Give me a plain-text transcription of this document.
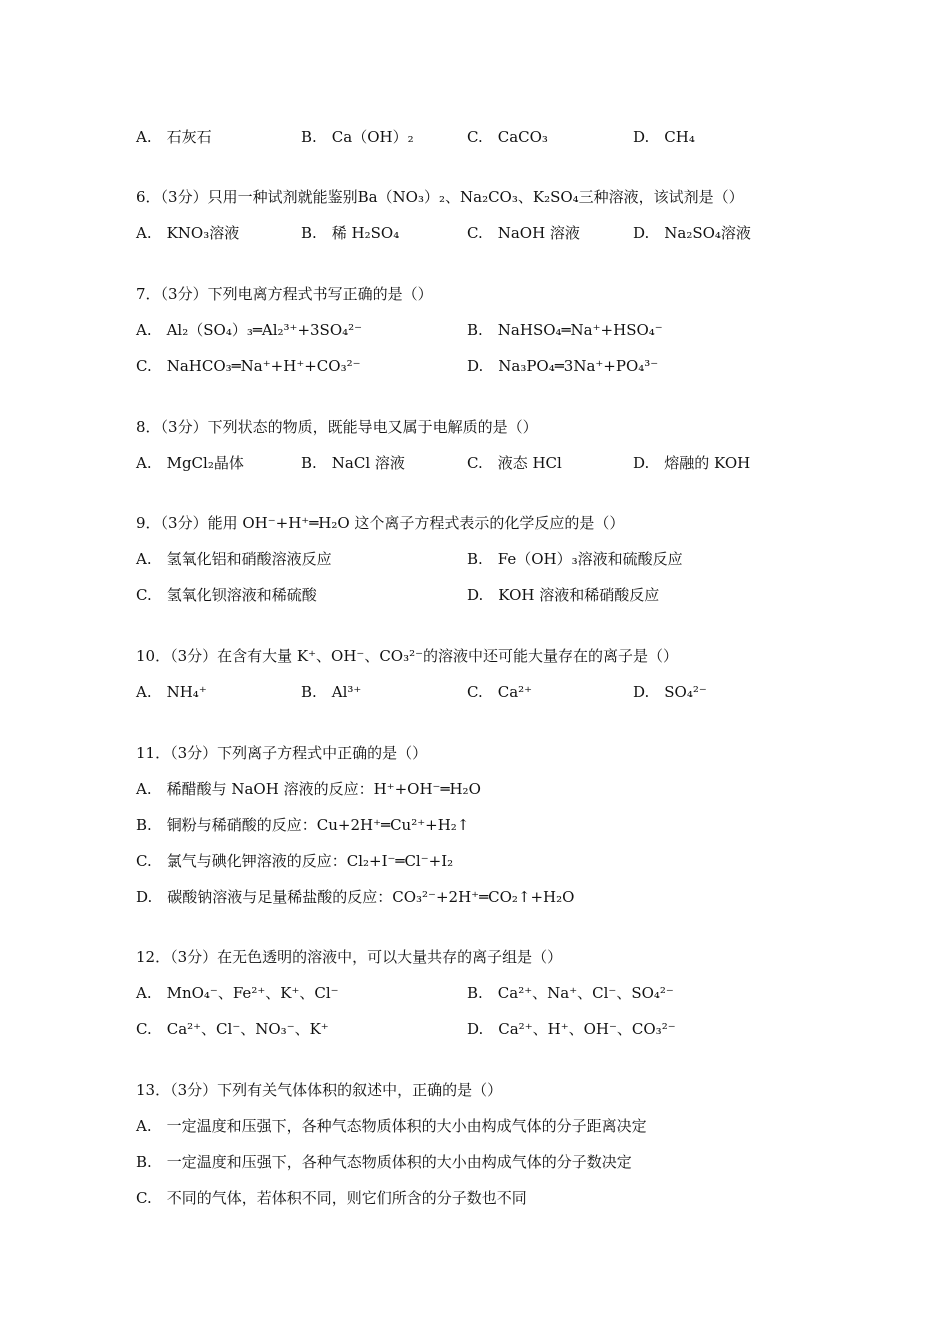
A.　石灰石	B.　Ca（OH）₂	C.　CaCO₃	D.　CH₄
6．（3分）只用一种试剂就能鉴别Ba（NO₃）₂、Na₂CO₃、K₂SO₄三种溶液，该试剂是（）
A.　KNO₃溶液	B.　稀 H₂SO₄	C.　NaOH 溶液	D.　Na₂SO₄溶液
7．（3分）下列电离方程式书写正确的是（）
A.　Al₂（SO₄）₃═Al₂³⁺+3SO₄²⁻	B.　NaHSO₄═Na⁺+HSO₄⁻
C.　NaHCO₃═Na⁺+H⁺+CO₃²⁻	D.　Na₃PO₄═3Na⁺+PO₄³⁻
8．（3分）下列状态的物质，既能导电又属于电解质的是（）
A.　MgCl₂晶体	B.　NaCl 溶液	C.　液态 HCl	D.　熔融的 KOH
9．（3分）能用 OH⁻+H⁺═H₂O 这个离子方程式表示的化学反应的是（）
A.　氢氧化铝和硝酸溶液反应	B.　Fe（OH）₃溶液和硫酸反应
C.　氢氧化钡溶液和稀硫酸	D.　KOH 溶液和稀硝酸反应
10．（3分）在含有大量 K⁺、OH⁻、CO₃²⁻的溶液中还可能大量存在的离子是（）
A.　NH₄⁺	B.　Al³⁺	C.　Ca²⁺	D.　SO₄²⁻
11．（3分）下列离子方程式中正确的是（）
A.　稀醋酸与 NaOH 溶液的反应：H⁺+OH⁻═H₂O
B.　铜粉与稀硝酸的反应：Cu+2H⁺═Cu²⁺+H₂↑
C.　氯气与碘化钾溶液的反应：Cl₂+I⁻═Cl⁻+I₂
D.　碳酸钠溶液与足量稀盐酸的反应：CO₃²⁻+2H⁺═CO₂↑+H₂O
12．（3分）在无色透明的溶液中，可以大量共存的离子组是（）
A.　MnO₄⁻、Fe²⁺、K⁺、Cl⁻	B.　Ca²⁺、Na⁺、Cl⁻、SO₄²⁻
C.　Ca²⁺、Cl⁻、NO₃⁻、K⁺	D.　Ca²⁺、H⁺、OH⁻、CO₃²⁻
13．（3分）下列有关气体体积的叙述中，正确的是（）
A.　一定温度和压强下，各种气态物质体积的大小由构成气体的分子距离决定
B.　一定温度和压强下，各种气态物质体积的大小由构成气体的分子数决定
C.　不同的气体，若体积不同，则它们所含的分子数也不同
